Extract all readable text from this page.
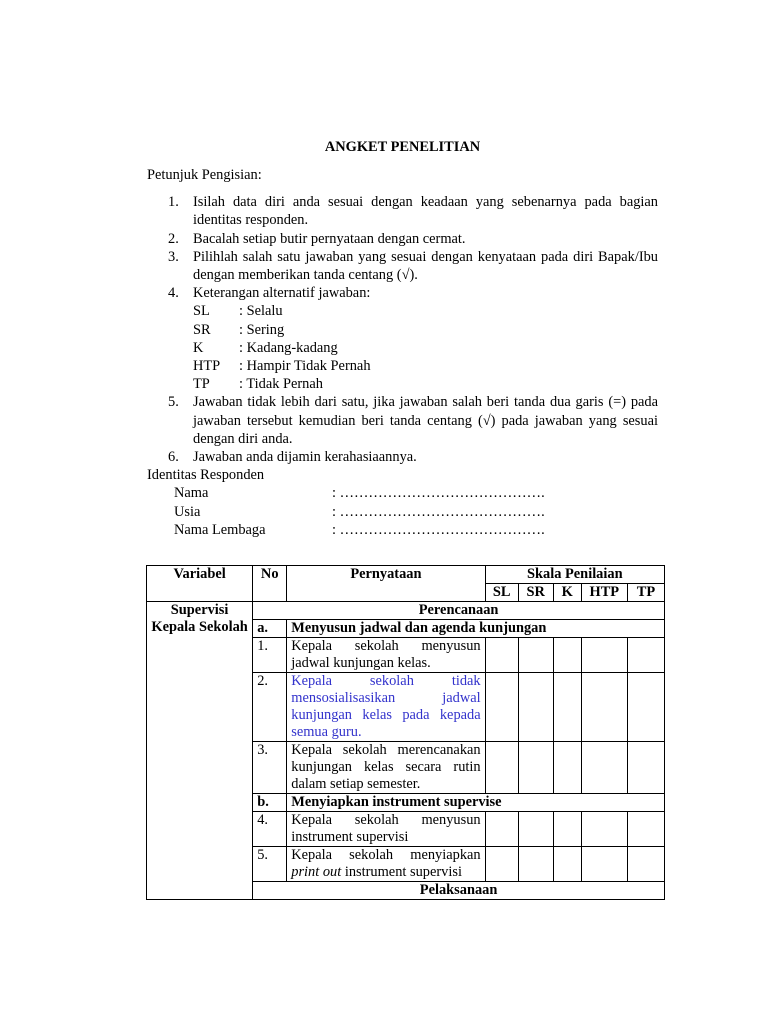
ANGKET PENELITIAN
Petunjuk Pengisian:
1. Isilah data diri anda sesuai dengan keadaan yang sebenarnya pada bagian identitas responden.
2. Bacalah setiap butir pernyataan dengan cermat.
3. Pilihlah salah satu jawaban yang sesuai dengan kenyataan pada diri Bapak/Ibu dengan memberikan tanda centang (√).
4. Keterangan alternatif jawaban:
SL	: Selalu
SR	: Sering
K	: Kadang-kadang
HTP	: Hampir Tidak Pernah
TP	: Tidak Pernah
5. Jawaban tidak lebih dari satu, jika jawaban salah beri tanda dua garis (=) pada jawaban tersebut kemudian beri tanda centang (√) pada jawaban yang sesuai dengan diri anda.
6. Jawaban anda dijamin kerahasiaannya.
Identitas Responden
Nama	: …………………………………….
Usia	: …………………………………….
Nama Lembaga	: …………………………………….
Variabel	No	Pernyataan	Skala Penilaian				
			SL	SR	K	HTP	TP
Supervisi Kepala Sekolah	Perencanaan						
	a.	Menyusun jadwal dan agenda kunjungan					
	1.	Kepala sekolah menyusun jadwal kunjungan kelas.					
	2.	Kepala sekolah tidak mensosialisasikan jadwal kunjungan kelas pada kepada semua guru.					
	3.	Kepala sekolah merencanakan kunjungan kelas secara rutin dalam setiap semester.					
	b.	Menyiapkan instrument supervise					
	4.	Kepala sekolah menyusun instrument supervisi					
	5.	Kepala sekolah menyiapkan print out instrument supervisi					
	Pelaksanaan						
